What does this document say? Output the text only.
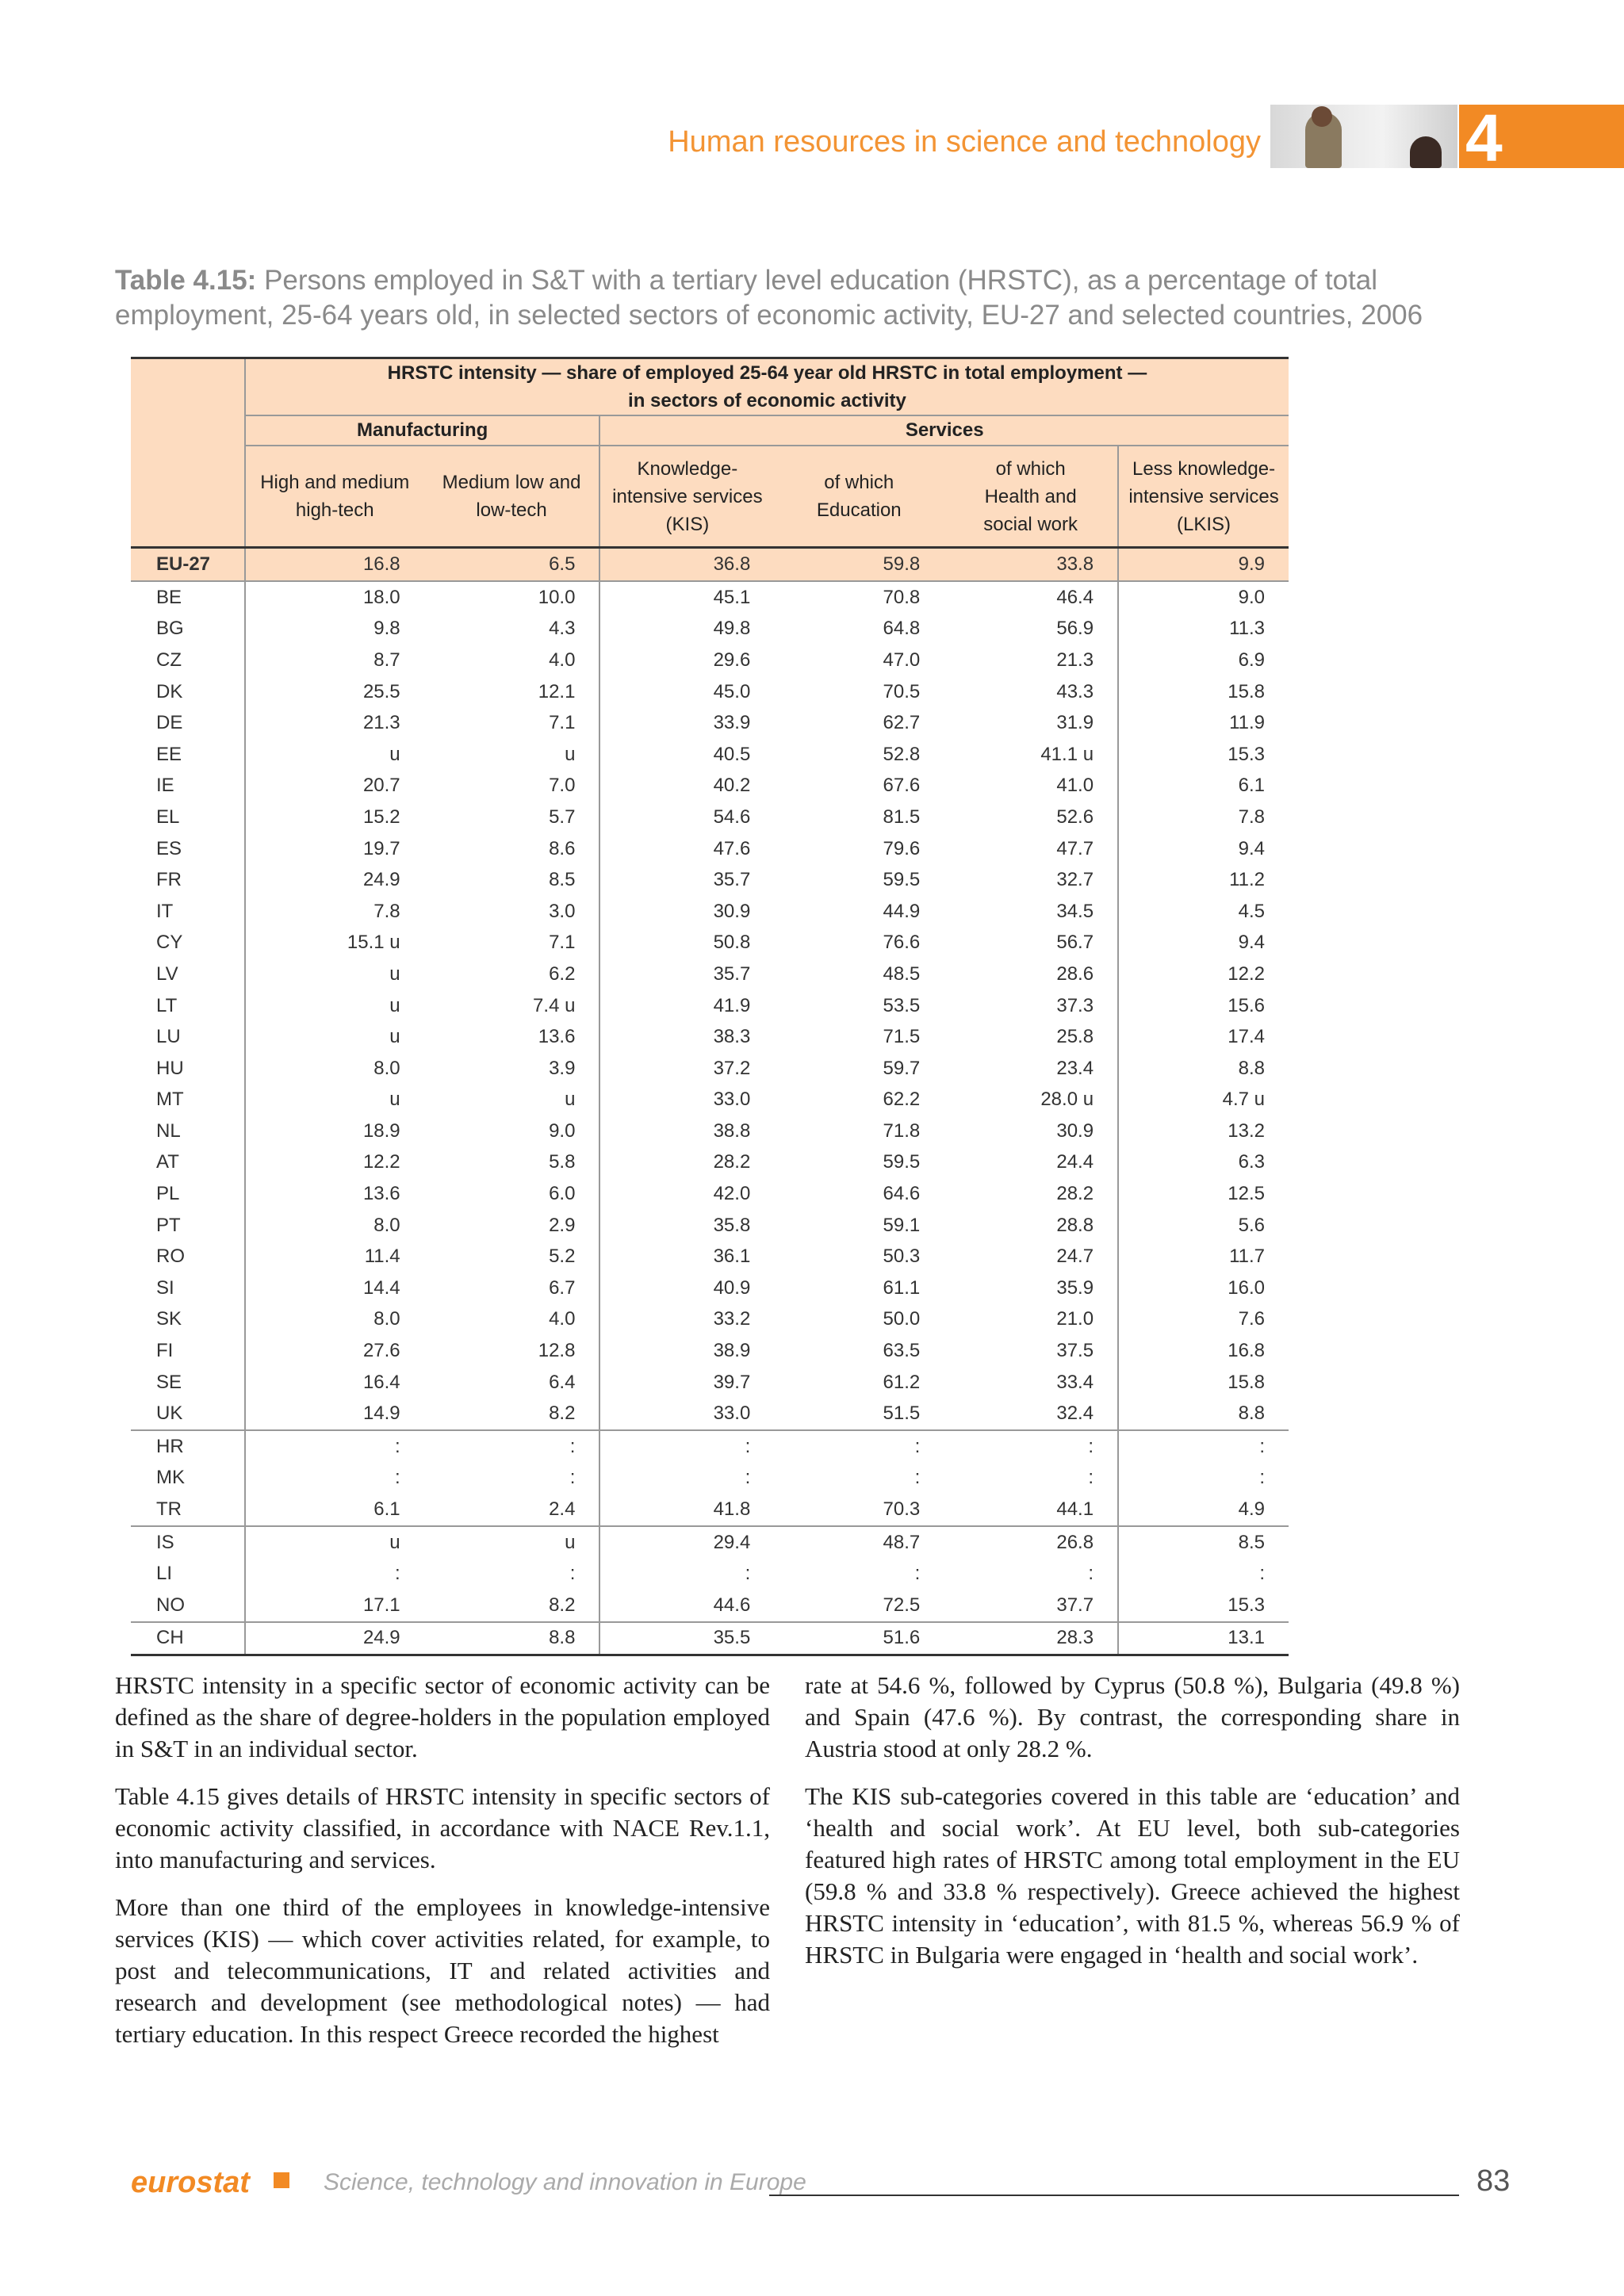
Human resources in science and technology	4
Table 4.15: Persons employed in S&T with a tertiary level education (HRSTC), as a percentage of total employment, 25-64 years old, in selected sectors of economic activity, EU-27 and selected countries, 2006

	HRSTC intensity — share of employed 25-64 year old HRSTC in total employment —
in sectors of economic activity					

	Manufacturing		Services			
	High and medium high-tech	Medium low and low-tech	Knowledge-intensive services (KIS)	of which Education	of which Health and social work	Less knowledge-intensive services (LKIS)
EU-27	16.8	6.5	36.8	59.8	33.8	9.9
BE	18.0	10.0	45.1	70.8	46.4	9.0
BG	9.8	4.3	49.8	64.8	56.9	11.3
CZ	8.7	4.0	29.6	47.0	21.3	6.9
DK	25.5	12.1	45.0	70.5	43.3	15.8
DE	21.3	7.1	33.9	62.7	31.9	11.9
EE	u	u	40.5	52.8	41.1 u	15.3
IE	20.7	7.0	40.2	67.6	41.0	6.1
EL	15.2	5.7	54.6	81.5	52.6	7.8
ES	19.7	8.6	47.6	79.6	47.7	9.4
FR	24.9	8.5	35.7	59.5	32.7	11.2
IT	7.8	3.0	30.9	44.9	34.5	4.5
CY	15.1 u	7.1	50.8	76.6	56.7	9.4
LV	u	6.2	35.7	48.5	28.6	12.2
LT	u	7.4 u	41.9	53.5	37.3	15.6
LU	u	13.6	38.3	71.5	25.8	17.4
HU	8.0	3.9	37.2	59.7	23.4	8.8
MT	u	u	33.0	62.2	28.0 u	4.7 u
NL	18.9	9.0	38.8	71.8	30.9	13.2
AT	12.2	5.8	28.2	59.5	24.4	6.3
PL	13.6	6.0	42.0	64.6	28.2	12.5
PT	8.0	2.9	35.8	59.1	28.8	5.6
RO	11.4	5.2	36.1	50.3	24.7	11.7
SI	14.4	6.7	40.9	61.1	35.9	16.0
SK	8.0	4.0	33.2	50.0	21.0	7.6
FI	27.6	12.8	38.9	63.5	37.5	16.8
SE	16.4	6.4	39.7	61.2	33.4	15.8
UK	14.9	8.2	33.0	51.5	32.4	8.8
HR	:	:	:	:	:	:
MK	:	:	:	:	:	:
TR	6.1	2.4	41.8	70.3	44.1	4.9
IS	u	u	29.4	48.7	26.8	8.5
LI	:	:	:	:	:	:
NO	17.1	8.2	44.6	72.5	37.7	15.3
CH	24.9	8.8	35.5	51.6	28.3	13.1

HRSTC intensity in a specific sector of economic activity can be defined as the share of degree-holders in the population employed in S&T in an individual sector.

Table 4.15 gives details of HRSTC intensity in specific sectors of economic activity classified, in accordance with NACE Rev.1.1, into manufacturing and services.

More than one third of the employees in knowledge-intensive services (KIS) — which cover activities related, for example, to post and telecommunications, IT and related activities and research and development (see methodological notes) — had tertiary education. In this respect Greece recorded the highest

rate at 54.6 %, followed by Cyprus (50.8 %), Bulgaria (49.8 %) and Spain (47.6 %). By contrast, the corresponding share in Austria stood at only 28.2 %.

The KIS sub-categories covered in this table are ‘education’ and ‘health and social work’. At EU level, both sub-categories featured high rates of HRSTC among total employment in the EU (59.8 % and 33.8 % respectively). Greece achieved the highest HRSTC intensity in ‘education’, with 81.5 %, whereas 56.9 % of HRSTC in Bulgaria were engaged in ‘health and social work’.

eurostat	Science, technology and innovation in Europe	83
